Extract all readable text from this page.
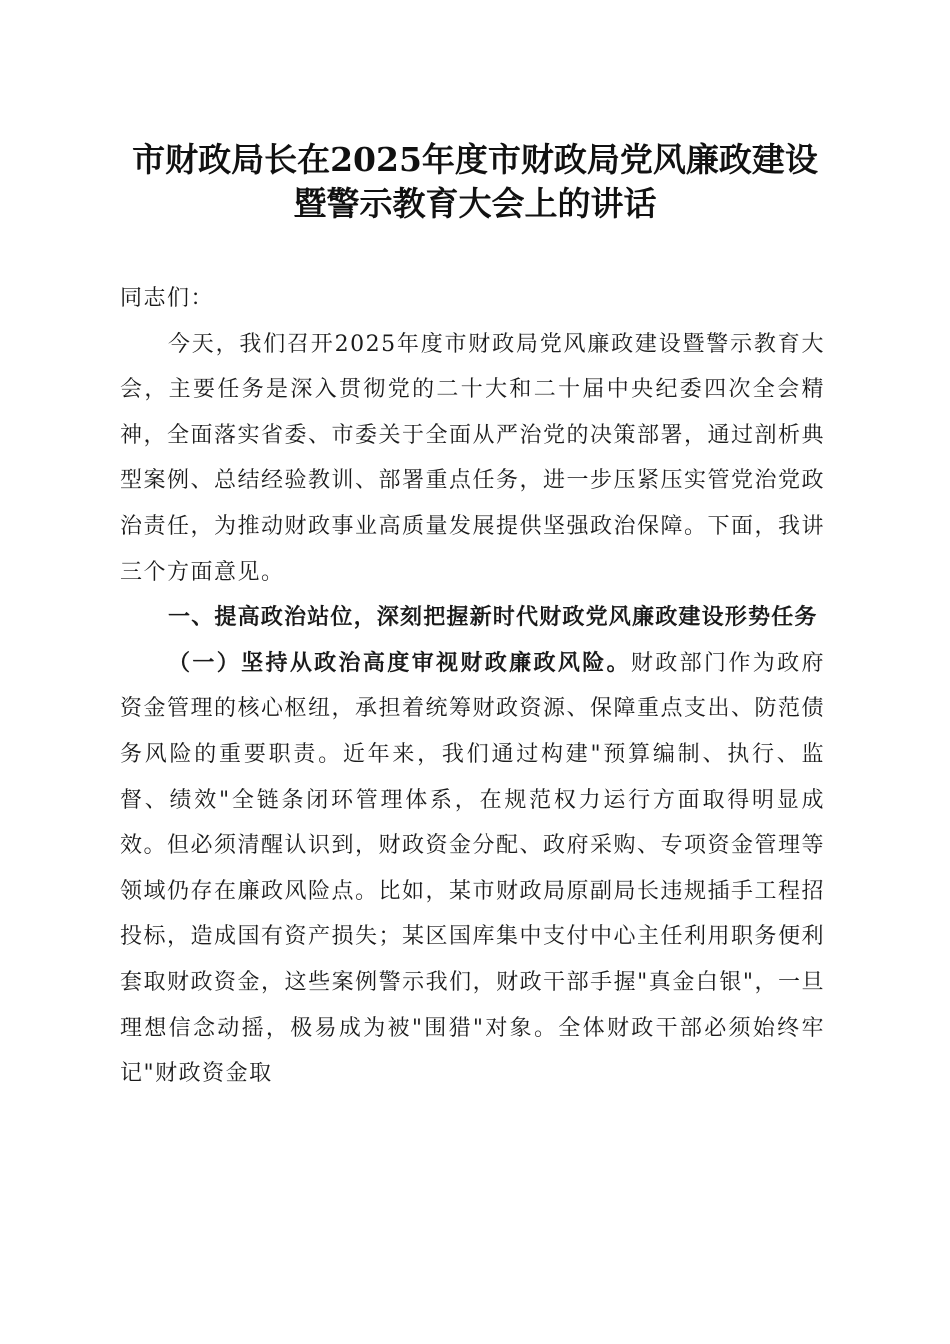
市财政局长在2025年度市财政局党风廉政建设暨警示教育大会上的讲话

同志们：

今天，我们召开2025年度市财政局党风廉政建设暨警示教育大会，主要任务是深入贯彻党的二十大和二十届中央纪委四次全会精神，全面落实省委、市委关于全面从严治党的决策部署，通过剖析典型案例、总结经验教训、部署重点任务，进一步压紧压实管党治党政治责任，为推动财政事业高质量发展提供坚强政治保障。下面，我讲三个方面意见。

一、提高政治站位，深刻把握新时代财政党风廉政建设形势任务

（一）坚持从政治高度审视财政廉政风险。财政部门作为政府资金管理的核心枢纽，承担着统筹财政资源、保障重点支出、防范债务风险的重要职责。近年来，我们通过构建"预算编制、执行、监督、绩效"全链条闭环管理体系，在规范权力运行方面取得明显成效。但必须清醒认识到，财政资金分配、政府采购、专项资金管理等领域仍存在廉政风险点。比如，某市财政局原副局长违规插手工程招投标，造成国有资产损失；某区国库集中支付中心主任利用职务便利套取财政资金，这些案例警示我们，财政干部手握"真金白银"，一旦理想信念动摇，极易成为被"围猎"对象。全体财政干部必须始终牢记"财政资金取
